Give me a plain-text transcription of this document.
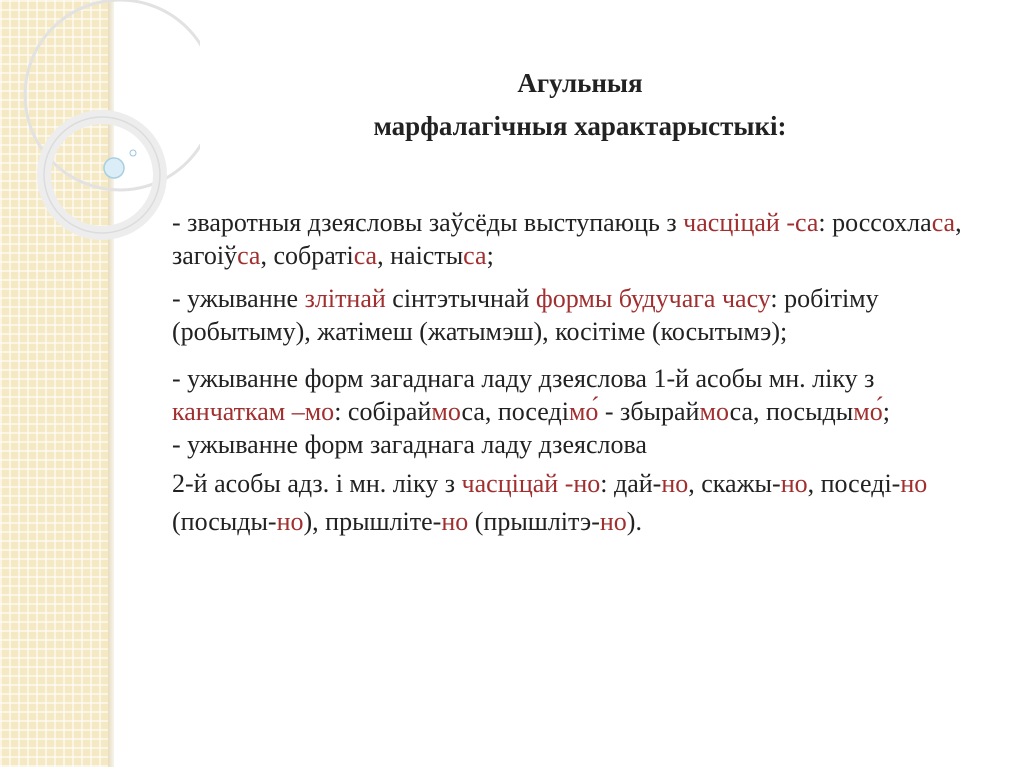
Агульныя
марфалагічныя характарыстыкі:

- зваротныя дзеясловы заўсёды выступаюць з часціцай -са: россохласа, загоіўса, собратіса, наістыса;

- ужыванне злітнай сінтэтычнай формы будучага часу: робітіму (робытыму), жатімеш (жатымэш), косітіме (косытымэ);

- ужыванне форм загаднага ладу дзеяслова 1-й асобы мн. ліку з канчаткам –мо: собіраймоса, поседімо́ - збыраймоса, посыдымо́;

- ужыванне форм загаднага ладу дзеяслова

2-й асобы адз. і мн. ліку з часціцай -но: дай-но, скажы-но, поседі-но (посыды-но), прышліте-но (прышлітэ-но).
